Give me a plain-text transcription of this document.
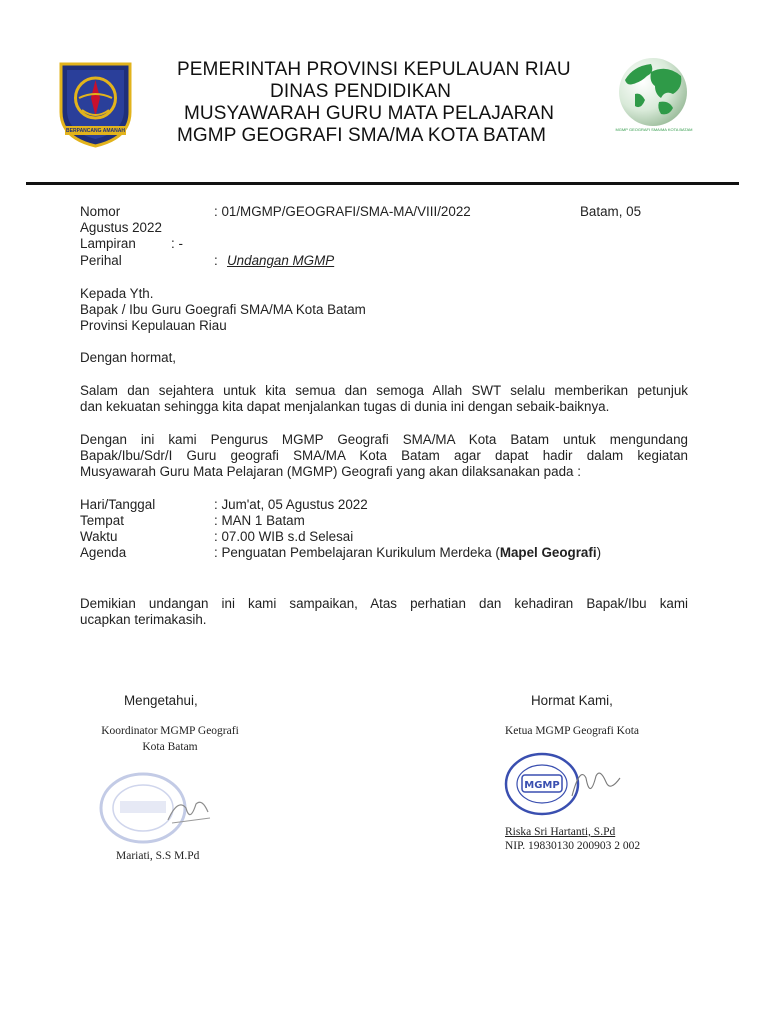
BERPANCANG AMANAH
PEMERINTAH PROVINSI KEPULAUAN RIAU
DINAS PENDIDIKAN
MUSYAWARAH GURU MATA PELAJARAN
MGMP GEOGRAFI SMA/MA KOTA BATAM	MGMP GEOGRAFI SMA/MA KOTA BATAM
Nomor	: 01/MGMP/GEOGRAFI/SMA-MA/VIII/2022	Batam, 05
Agustus 2022
Lampiran	: -
Perihal	: Undangan MGMP
Kepada Yth.
Bapak / Ibu Guru Goegrafi SMA/MA Kota Batam
Provinsi Kepulauan Riau
Dengan hormat,
Salam dan sejahtera untuk kita semua dan semoga Allah SWT selalu memberikan petunjuk
dan kekuatan sehingga kita dapat menjalankan tugas di dunia ini dengan sebaik-baiknya.
Dengan ini kami Pengurus MGMP Geografi SMA/MA Kota Batam untuk mengundang
Bapak/Ibu/Sdr/I Guru geografi SMA/MA Kota Batam agar dapat hadir dalam kegiatan
Musyawarah Guru Mata Pelajaran (MGMP) Geografi yang akan dilaksanakan pada :
Hari/Tanggal	: Jum'at, 05 Agustus 2022
Tempat	: MAN 1 Batam
Waktu	: 07.00 WIB s.d Selesai
Agenda	: Penguatan Pembelajaran Kurikulum Merdeka (Mapel Geografi)
Demikian undangan ini kami sampaikan, Atas perhatian dan kehadiran Bapak/Ibu kami
ucapkan terimakasih.
Mengetahui,
Koordinator MGMP Geografi
Kota Batam
Mariati, S.S M.Pd
Hormat Kami,
Ketua MGMP Geografi Kota
MGMP
Riska Sri Hartanti, S.Pd
NIP. 19830130 200903 2 002
